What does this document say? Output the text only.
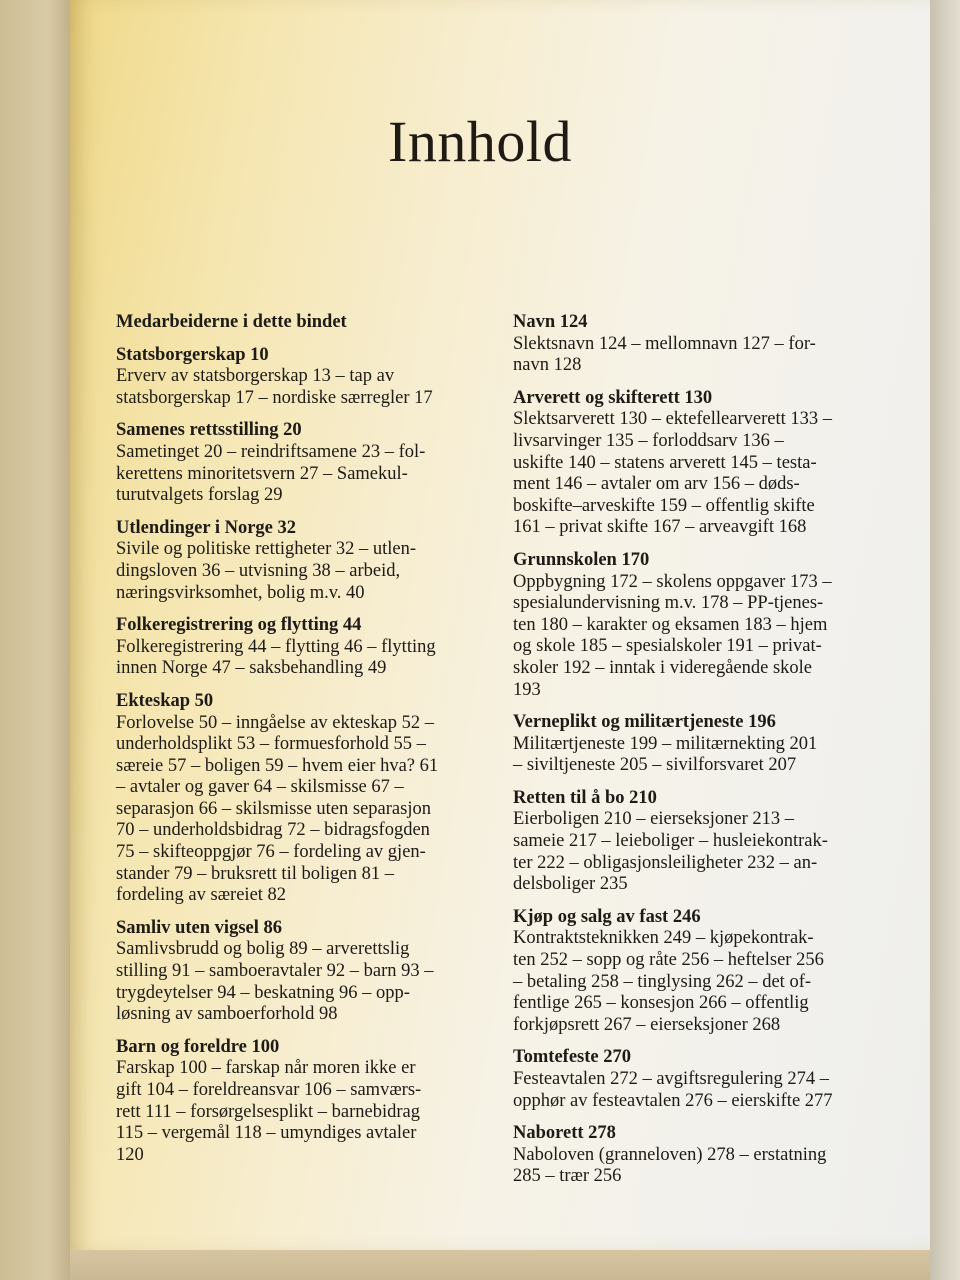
Innhold

Medarbeiderne i dette bindet

Statsborgerskap 10

Erverv av statsborgerskap 13 – tap av
statsborgerskap 17 – nordiske særregler 17

Samenes rettsstilling 20

Sametinget 20 – reindriftsamene 23 – fol-
kerettens minoritetsvern 27 – Samekul-
turutvalgets forslag 29

Utlendinger i Norge 32

Sivile og politiske rettigheter 32 – utlen-
dingsloven 36 – utvisning 38 – arbeid,
næringsvirksomhet, bolig m.v. 40

Folkeregistrering og flytting 44

Folkeregistrering 44 – flytting 46 – flytting
innen Norge 47 – saksbehandling 49

Ekteskap 50

Forlovelse 50 – inngåelse av ekteskap 52 –
underholdsplikt 53 – formuesforhold 55 –
særeie 57 – boligen 59 – hvem eier hva? 61
– avtaler og gaver 64 – skilsmisse 67 –
separasjon 66 – skilsmisse uten separasjon
70 – underholdsbidrag 72 – bidragsfogden
75 – skifteoppgjør 76 – fordeling av gjen-
stander 79 – bruksrett til boligen 81 –
fordeling av særeiet 82

Samliv uten vigsel 86

Samlivsbrudd og bolig 89 – arverettslig
stilling 91 – samboeravtaler 92 – barn 93 –
trygdeytelser 94 – beskatning 96 – opp-
løsning av samboerforhold 98

Barn og foreldre 100

Farskap 100 – farskap når moren ikke er
gift 104 – foreldreansvar 106 – samværs-
rett 111 – forsørgelsesplikt – barnebidrag
115 – vergemål 118 – umyndiges avtaler
120

Navn 124

Slektsnavn 124 – mellomnavn 127 – for-
navn 128

Arverett og skifterett 130

Slektsarverett 130 – ektefellearverett 133 –
livsarvinger 135 – forloddsarv 136 –
uskifte 140 – statens arverett 145 – testa-
ment 146 – avtaler om arv 156 – døds-
boskifte–arveskifte 159 – offentlig skifte
161 – privat skifte 167 – arveavgift 168

Grunnskolen 170

Oppbygning 172 – skolens oppgaver 173 –
spesialundervisning m.v. 178 – PP-tjenes-
ten 180 – karakter og eksamen 183 – hjem
og skole 185 – spesialskoler 191 – privat-
skoler 192 – inntak i videregående skole
193

Verneplikt og militærtjeneste 196

Militærtjeneste 199 – militærnekting 201
– siviltjeneste 205 – sivilforsvaret 207

Retten til å bo 210

Eierboligen 210 – eierseksjoner 213 –
sameie 217 – leieboliger – husleiekontrak-
ter 222 – obligasjonsleiligheter 232 – an-
delsboliger 235

Kjøp og salg av fast 246

Kontraktsteknikken 249 – kjøpekontrak-
ten 252 – sopp og råte 256 – heftelser 256
– betaling 258 – tinglysing 262 – det of-
fentlige 265 – konsesjon 266 – offentlig
forkjøpsrett 267 – eierseksjoner 268

Tomtefeste 270

Festeavtalen 272 – avgiftsregulering 274 –
opphør av festeavtalen 276 – eierskifte 277

Naborett 278

Naboloven (granneloven) 278 – erstatning
285 – trær 256
